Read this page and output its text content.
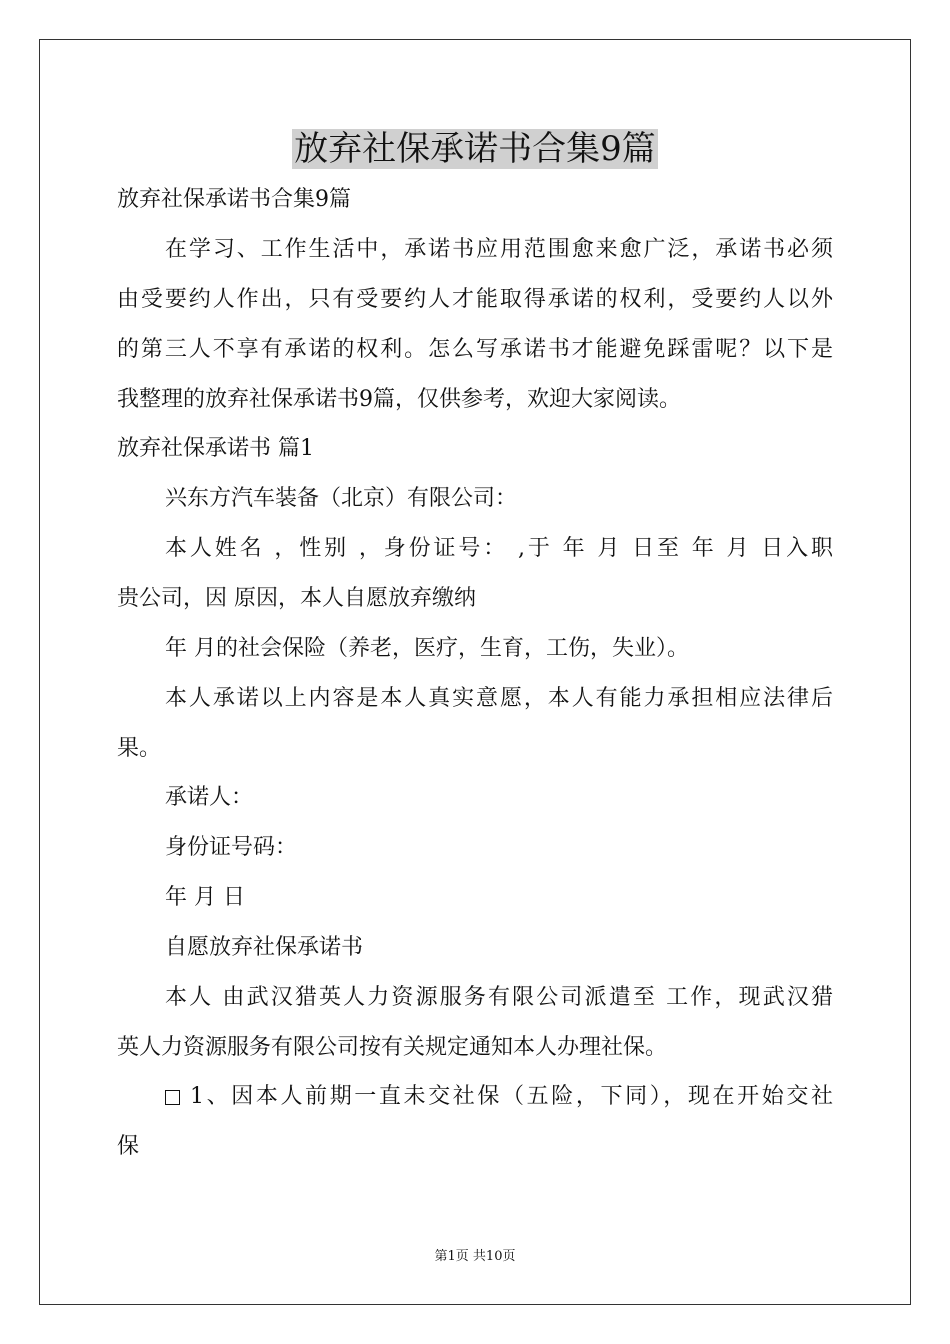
放弃社保承诺书合集9篇
放弃社保承诺书合集9篇
在学习、工作生活中，承诺书应用范围愈来愈广泛，承诺书必须
由受要约人作出，只有受要约人才能取得承诺的权利，受要约人以外
的第三人不享有承诺的权利。怎么写承诺书才能避免踩雷呢？以下是
我整理的放弃社保承诺书9篇，仅供参考，欢迎大家阅读。
放弃社保承诺书 篇1
兴东方汽车装备（北京）有限公司：
本人姓名 ，性别 ，身份证号： ,于 年 月 日至 年 月 日入职
贵公司，因 原因，本人自愿放弃缴纳
年 月的社会保险（养老，医疗，生育，工伤，失业）。
本人承诺以上内容是本人真实意愿，本人有能力承担相应法律后
果。
承诺人：
身份证号码：
年 月 日
自愿放弃社保承诺书
本人 由武汉猎英人力资源服务有限公司派遣至 工作，现武汉猎
英人力资源服务有限公司按有关规定通知本人办理社保。
1、因本人前期一直未交社保（五险，下同），现在开始交社
保
第1页 共10页
